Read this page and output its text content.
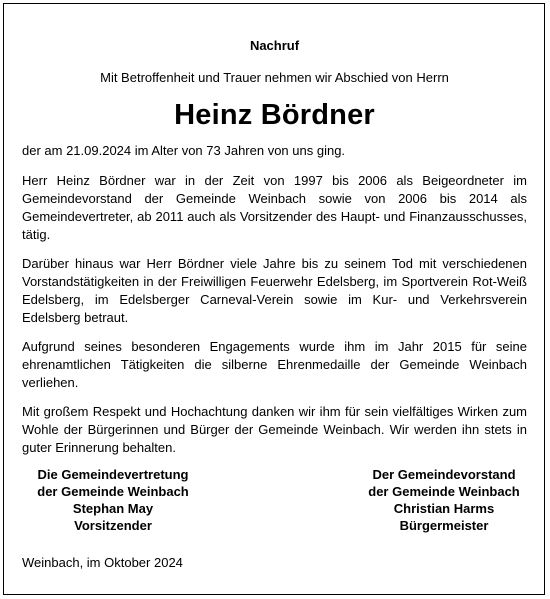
Nachruf

Mit Betroffenheit und Trauer nehmen wir Abschied von Herrn

Heinz Bördner

der am 21.09.2024 im Alter von 73 Jahren von uns ging.

Herr Heinz Bördner war in der Zeit von 1997 bis 2006 als Beigeordneter im Gemeindevorstand der Gemeinde Weinbach sowie von 2006 bis 2014 als Gemeindevertreter, ab 2011 auch als Vorsitzender des Haupt- und Finanzausschusses, tätig.

Darüber hinaus war Herr Bördner viele Jahre bis zu seinem Tod mit verschiedenen Vorstandstätigkeiten in der Freiwilligen Feuerwehr Edelsberg, im Sportverein Rot-Weiß Edelsberg, im Edelsberger Carneval-Verein sowie im Kur- und Verkehrsverein Edelsberg betraut.

Aufgrund seines besonderen Engagements wurde ihm im Jahr 2015 für seine ehrenamtlichen Tätigkeiten die silberne Ehrenmedaille der Gemeinde Weinbach verliehen.

Mit großem Respekt und Hochachtung danken wir ihm für sein vielfältiges Wirken zum Wohle der Bürgerinnen und Bürger der Gemeinde Weinbach. Wir werden ihn stets in guter Erinnerung behalten.

Die Gemeindevertretung
der Gemeinde Weinbach
Stephan May
Vorsitzender
Der Gemeindevorstand
der Gemeinde Weinbach
Christian Harms
Bürgermeister

Weinbach, im Oktober 2024
